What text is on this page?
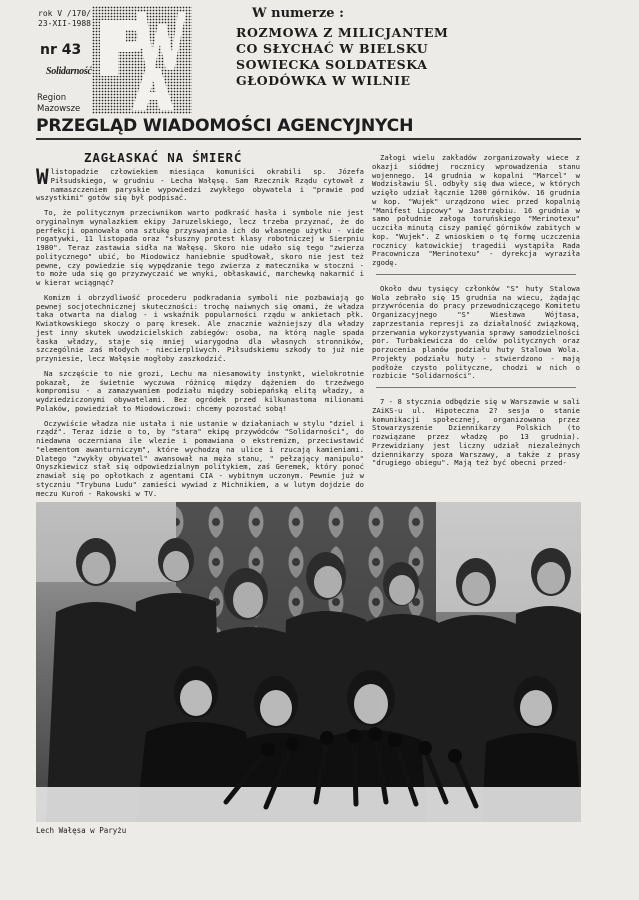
rok V /170/
23-XII-1988
nr 43
Solidarność
Region
Mazowsze
W numerze :
ROZMOWA Z MILICJANTEM
CO SŁYCHAĆ W BIELSKU
SOWIECKA SOLDATESKA
GŁODÓWKA W WILNIE
PRZEGLĄD WIADOMOŚCI AGENCYJNYCH
ZAGŁASKAĆ NA ŚMIERĆ

Wlistopadzie człowiekiem miesiąca komuniści okrabili sp. Józefa Piłsudskiego, w grudniu - Lecha Wałęsę. Sam Rzecznik Rządu cytował z namaszczeniem paryskie wypowiedzi zwykłego obywatela i "prawie pod wszystkimi" gotów się był podpisać.

To, że politycznym przeciwnikom warto podkraść hasła i symbole nie jest oryginalnym wynalazkiem ekipy Jaruzelskiego, lecz trzeba przyznać, że do perfekcji opanowała ona sztukę przyswajania ich do własnego użytku - vide rogatywki, 11 listopada oraz "słuszny protest klasy robotniczej w Sierpniu 1980". Teraz zastawia sidła na Wałęsę. Skoro nie udało się tego "zwierza politycznego" ubić, bo Miodowicz haniebnie spudłował, skoro nie jest też pewne, czy powiedzie się wypędzanie tego zwierza z matecznika w stoczni - to może uda się go przyzwyczaić we wnyki, obłaskawić, marchewką nakarmić i w kieraт wciągnąć?

Komizm i obrzydliwość procederu podkradania symboli nie pozbawiają go pewnej socjotechnicznej skuteczności: trochę naiwnych się omami, że władza taka otwarta na dialog - i wskaźnik popularności rządu w ankietach płk. Kwiatkowskiego skoczy o parę kresek. Ale znacznie ważniejszy dla władzy jest inny skutek uwodzicielskich zabiegów: osoba, na którą nagle spada łaska władzy, staje się mniej wiarygodna dla własnych stronników, szczególnie zaś młodych - niecierpliwych. Piłsudskiemu szkody to już nie przyniesie, lecz Wałęsie mogłoby zaszkodzić.

Na szczęście to nie grozi, Lechu ma niesamowity instynkt, wielokrotnie pokazał, że świetnie wyczuwa różnicę między dążeniem do trzeźwego kompromisu - a zamazywaniem podziału między sobiepańską elitą władzy, a wydziedziczonymi obywatelami. Bez ogródek przed kilkunastoma milionami Polaków, powiedział to Miodowiczowi: chcemy pozostać sobą!

Oczywiście władza nie ustała i nie ustanie w działaniach w stylu "dziel i rządź". Teraz idzie o to, by "stara" ekipę przywódców "Solidarności", do niedawna oczerniana ile wlezie i pomawiana o ekstremizm, przeciwstawić "elementom awanturniczym", które wychodzą na ulice i rzucają kamieniami. Dlatego "zwykły obywatel" awansował na męża stanu, " pełzający manipulo" Onyszkiewicz stał się odpowiedzialnym politykiem, zaś Geremek, który ponoć znawiał się po opłotkach z agentami CIA - wybitnym uczonym. Pewnie już w styczniu "Trybuna Ludu" zamieści wywiad z Michnikiem, a w lutym dojdzie do meczu Kuroń - Rakowski w TV.

Załogi wielu zakładów zorganizowały wiece z okazji siódmej rocznicy wprowadzenia stanu wojennego. 14 grudnia w kopalni "Marcel" w Wodzisławiu Śl. odbyły się dwa wiece, w których wzięło udział łącznie 1200 górników. 16 grudnia w kop. "Wujek" urządzono wiec przed kopalnią "Manifest Lipcowy" w Jastrzębiu. 16 grudnia w samo południe załoga toruńskiego "Merinotexu" uczciła minutą ciszy pamięć górników zabitych w kop. "Wujek". Z wnioskiem o tę formę uczczenia rocznicy katowickiej tragedii wystąpiła Rada Pracownicza "Merinotexu" - dyrekcja wyraziła zgodę.

Około dwu tysięcy członków "S" huty Stalowa Wola zebrało się 15 grudnia na wiecu, żądając przywrócenia do pracy przewodniczącego Komitetu Organizacyjnego "S" Wiesława Wójtasa, zaprzestania represji za działalność związkową, przerwania wykorzystywania sprawy samodzielności por. Turbakiewicza do celów politycznych oraz porzucenia planów podziału huty Stalowa Wola. Projekty podziału huty - stwierdzono - mają podłoże czysto polityczne, chodzi w nich o rozbicie "Solidarności".

7 - 8 stycznia odbędzie się w Warszawie w sali ZAiKS-u ul. Hipoteczna 2? sesja o stanie komunikacji społecznej, organizowana przez Stowarzyszenie Dziennikarzy Polskich (to rozwiązane przez władzę po 13 grudnia). Przewidziany jest liczny udział niezależnych dziennikarzy spoza Warszawy, a także z prasy "drugiego obiegu". Mają też być obecni przed-

Lech Wałęsa w Paryżu
